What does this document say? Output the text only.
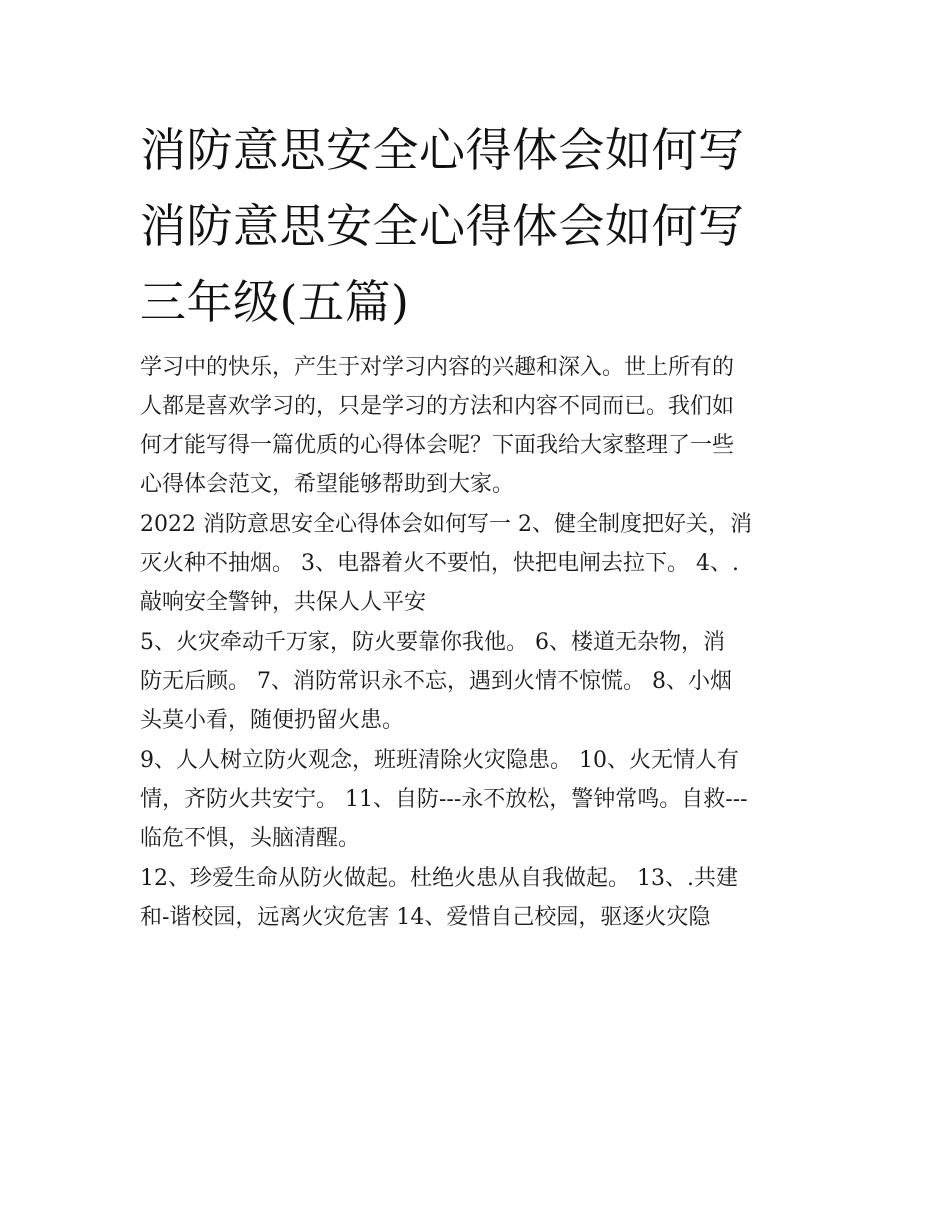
消防意思安全心得体会如何写
消防意思安全心得体会如何写
三年级(五篇)

学习中的快乐，产生于对学习内容的兴趣和深入。世上所有的
人都是喜欢学习的，只是学习的方法和内容不同而已。我们如
何才能写得一篇优质的心得体会呢？下面我给大家整理了一些
心得体会范文，希望能够帮助到大家。

2022 消防意思安全心得体会如何写一 2、健全制度把好关，消
灭火种不抽烟。 3、电器着火不要怕，快把电闸去拉下。 4、.
敲响安全警钟，共保人人平安

5、火灾牵动千万家，防火要靠你我他。 6、楼道无杂物，消
防无后顾。 7、消防常识永不忘，遇到火情不惊慌。 8、小烟
头莫小看，随便扔留火患。

9、人人树立防火观念，班班清除火灾隐患。 10、火无情人有
情，齐防火共安宁。 11、自防---永不放松，警钟常鸣。自救---
临危不惧，头脑清醒。

12、珍爱生命从防火做起。杜绝火患从自我做起。 13、.共建
和-谐校园，远离火灾危害 14、爱惜自己校园，驱逐火灾隐
